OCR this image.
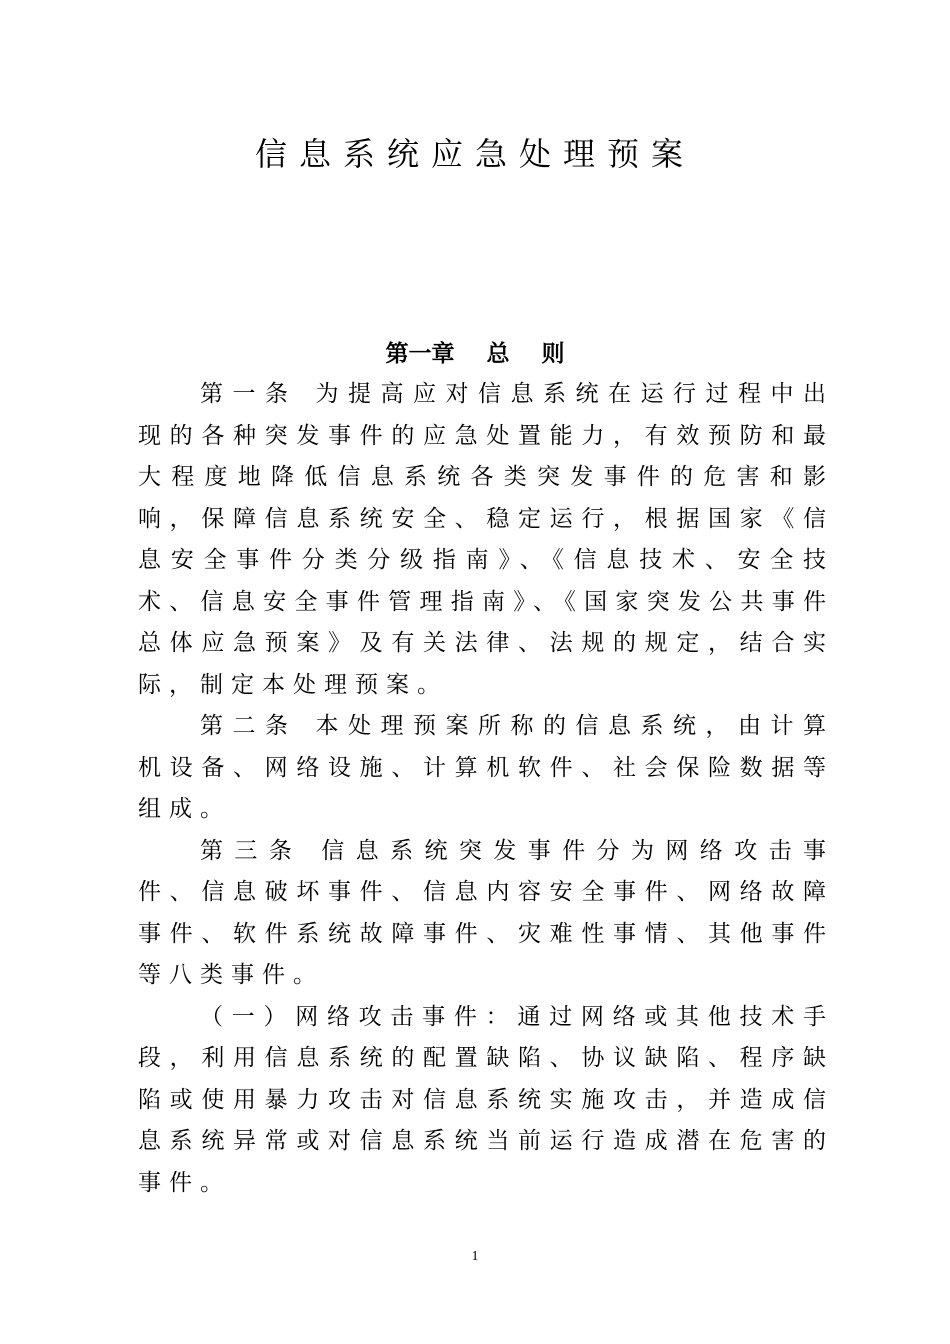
信息系统应急处理预案
第一章    总    则

第一条 为提高应对信息系统在运行过程中出现的各种突发事件的应急处置能力，有效预防和最大程度地降低信息系统各类突发事件的危害和影响，保障信息系统安全、稳定运行，根据国家《信息安全事件分类分级指南》、《信息技术、安全技术、信息安全事件管理指南》、《国家突发公共事件总体应急预案》及有关法律、法规的规定，结合实际，制定本处理预案。

第二条 本处理预案所称的信息系统，由计算机设备、网络设施、计算机软件、社会保险数据等组成。

第三条 信息系统突发事件分为网络攻击事件、信息破坏事件、信息内容安全事件、网络故障事件、软件系统故障事件、灾难性事情、其他事件等八类事件。

（一）网络攻击事件：通过网络或其他技术手段，利用信息系统的配置缺陷、协议缺陷、程序缺陷或使用暴力攻击对信息系统实施攻击，并造成信息系统异常或对信息系统当前运行造成潜在危害的事件。

1
